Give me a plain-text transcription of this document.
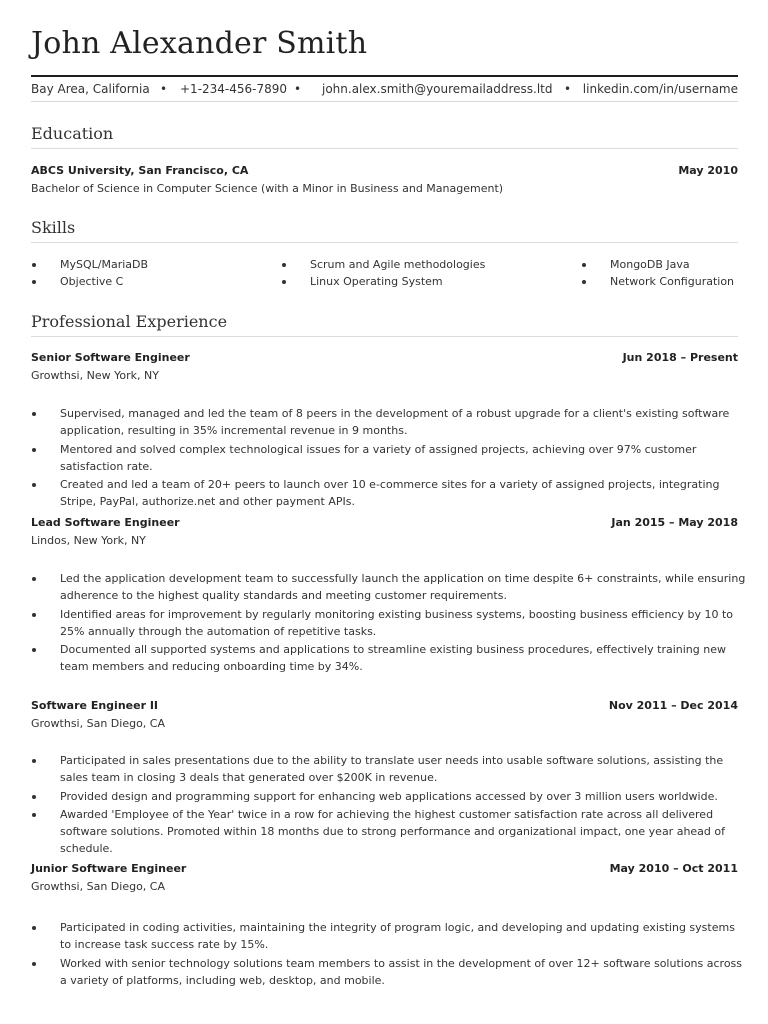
John Alexander Smith
Bay Area, California • +1-234-456-7890 • john.alex.smith@youremailaddress.ltd • linkedin.com/in/username
Education
ABCS University, San Francisco, CA	May 2010
Bachelor of Science in Computer Science (with a Minor in Business and Management)
Skills
MySQL/MariaDB
Objective C
Scrum and Agile methodologies
Linux Operating System
MongoDB Java
Network Configuration
Professional Experience
Senior Software Engineer	Jun 2018 – Present
Growthsi, New York, NY
Supervised, managed and led the team of 8 peers in the development of a robust upgrade for a client's existing software application, resulting in 35% incremental revenue in 9 months.
Mentored and solved complex technological issues for a variety of assigned projects, achieving over 97% customer satisfaction rate.
Created and led a team of 20+ peers to launch over 10 e-commerce sites for a variety of assigned projects, integrating Stripe, PayPal, authorize.net and other payment APIs.
Lead Software Engineer	Jan 2015 – May 2018
Lindos, New York, NY
Led the application development team to successfully launch the application on time despite 6+ constraints, while ensuring adherence to the highest quality standards and meeting customer requirements.
Identified areas for improvement by regularly monitoring existing business systems, boosting business efficiency by 10 to 25% annually through the automation of repetitive tasks.
Documented all supported systems and applications to streamline existing business procedures, effectively training new team members and reducing onboarding time by 34%.
Software Engineer II	Nov 2011 – Dec 2014
Growthsi, San Diego, CA
Participated in sales presentations due to the ability to translate user needs into usable software solutions, assisting the sales team in closing 3 deals that generated over $200K in revenue.
Provided design and programming support for enhancing web applications accessed by over 3 million users worldwide.
Awarded 'Employee of the Year' twice in a row for achieving the highest customer satisfaction rate across all delivered software solutions. Promoted within 18 months due to strong performance and organizational impact, one year ahead of schedule.
Junior Software Engineer	May 2010 – Oct 2011
Growthsi, San Diego, CA
Participated in coding activities, maintaining the integrity of program logic, and developing and updating existing systems to increase task success rate by 15%.
Worked with senior technology solutions team members to assist in the development of over 12+ software solutions across a variety of platforms, including web, desktop, and mobile.
